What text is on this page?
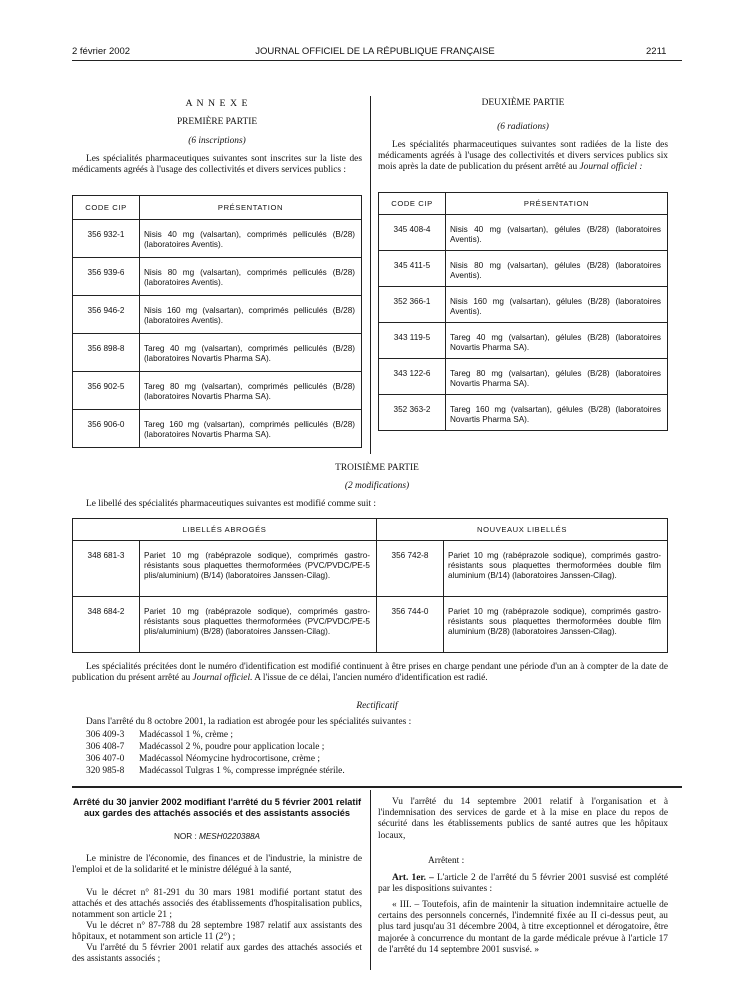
2 février 2002	JOURNAL OFFICIEL DE LA RÉPUBLIQUE FRANÇAISE	2211
A N N E X E
PREMIÈRE PARTIE
(6 inscriptions)
Les spécialités pharmaceutiques suivantes sont inscrites sur la liste des médicaments agréés à l'usage des collectivités et divers services publics :
CODE CIP	PRÉSENTATION
356 932-1	Nisis 40 mg (valsartan), comprimés pelliculés (B/28) (laboratoires Aventis).
356 939-6	Nisis 80 mg (valsartan), comprimés pelliculés (B/28) (laboratoires Aventis).
356 946-2	Nisis 160 mg (valsartan), comprimés pelliculés (B/28) (laboratoires Aventis).
356 898-8	Tareg 40 mg (valsartan), comprimés pelliculés (B/28) (laboratoires Novartis Pharma SA).
356 902-5	Tareg 80 mg (valsartan), comprimés pelliculés (B/28) (laboratoires Novartis Pharma SA).
356 906-0	Tareg 160 mg (valsartan), comprimés pelliculés (B/28) (laboratoires Novartis Pharma SA).
DEUXIÈME PARTIE
(6 radiations)
Les spécialités pharmaceutiques suivantes sont radiées de la liste des médicaments agréés à l'usage des collectivités et divers services publics six mois après la date de publication du présent arrêté au Journal officiel :
CODE CIP	PRÉSENTATION
345 408-4	Nisis 40 mg (valsartan), gélules (B/28) (laboratoires Aventis).
345 411-5	Nisis 80 mg (valsartan), gélules (B/28) (laboratoires Aventis).
352 366-1	Nisis 160 mg (valsartan), gélules (B/28) (laboratoires Aventis).
343 119-5	Tareg 40 mg (valsartan), gélules (B/28) (laboratoires Novartis Pharma SA).
343 122-6	Tareg 80 mg (valsartan), gélules (B/28) (laboratoires Novartis Pharma SA).
352 363-2	Tareg 160 mg (valsartan), gélules (B/28) (laboratoires Novartis Pharma SA).
TROISIÈME PARTIE
(2 modifications)
Le libellé des spécialités pharmaceutiques suivantes est modifié comme suit :
LIBELLÉS ABROGÉS		NOUVEAUX LIBELLÉS	
348 681-3	Pariet 10 mg (rabéprazole sodique), comprimés gastro-résistants sous plaquettes thermoformées (PVC/PVDC/PE-5 plis/aluminium) (B/14) (laboratoires Janssen-Cilag).	356 742-8	Pariet 10 mg (rabéprazole sodique), comprimés gastro-résistants sous plaquettes thermoformées double film aluminium (B/14) (laboratoires Janssen-Cilag).
348 684-2	Pariet 10 mg (rabéprazole sodique), comprimés gastro-résistants sous plaquettes thermoformées (PVC/PVDC/PE-5 plis/aluminium) (B/28) (laboratoires Janssen-Cilag).	356 744-0	Pariet 10 mg (rabéprazole sodique), comprimés gastro-résistants sous plaquettes thermoformées double film aluminium (B/28) (laboratoires Janssen-Cilag).
Les spécialités précitées dont le numéro d'identification est modifié continuent à être prises en charge pendant une période d'un an à compter de la date de publication du présent arrêté au Journal officiel. A l'issue de ce délai, l'ancien numéro d'identification est radié.
Rectificatif
Dans l'arrêté du 8 octobre 2001, la radiation est abrogée pour les spécialités suivantes :
306 409-3 Madécassol 1 %, crème ;
306 408-7 Madécassol 2 %, poudre pour application locale ;
306 407-0 Madécassol Néomycine hydrocortisone, crème ;
320 985-8 Madécassol Tulgras 1 %, compresse imprégnée stérile.
Arrêté du 30 janvier 2002 modifiant l'arrêté du 5 février 2001 relatif aux gardes des attachés associés et des assistants associés
NOR : MESH0220388A
Le ministre de l'économie, des finances et de l'industrie, la ministre de l'emploi et de la solidarité et le ministre délégué à la santé,
Vu le décret n° 81-291 du 30 mars 1981 modifié portant statut des attachés et des attachés associés des établissements d'hospitalisation publics, notamment son article 21 ;
Vu le décret n° 87-788 du 28 septembre 1987 relatif aux assistants des hôpitaux, et notamment son article 11 (2°) ;
Vu l'arrêté du 5 février 2001 relatif aux gardes des attachés associés et des assistants associés ;
Vu l'arrêté du 14 septembre 2001 relatif à l'organisation et à l'indemnisation des services de garde et à la mise en place du repos de sécurité dans les établissements publics de santé autres que les hôpitaux locaux,
Arrêtent :
Art. 1er. – L'article 2 de l'arrêté du 5 février 2001 susvisé est complété par les dispositions suivantes :
« III. – Toutefois, afin de maintenir la situation indemnitaire actuelle de certains des personnels concernés, l'indemnité fixée au II ci-dessus peut, au plus tard jusqu'au 31 décembre 2004, à titre exceptionnel et dérogatoire, être majorée à concurrence du montant de la garde médicale prévue à l'article 17 de l'arrêté du 14 septembre 2001 susvisé. »
